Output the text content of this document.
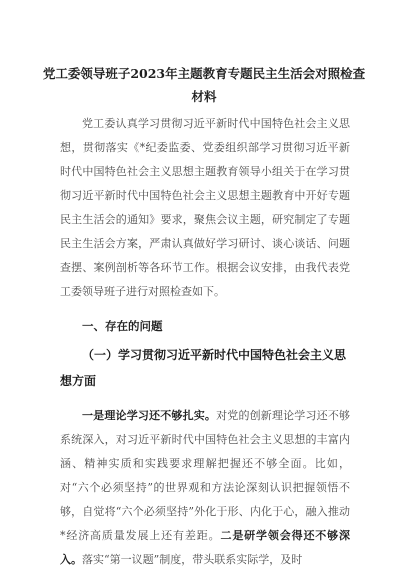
党工委领导班子2023年主题教育专题民主生活会对照检查材料
党工委认真学习贯彻习近平新时代中国特色社会主义思想，贯彻落实《*纪委监委、党委组织部学习贯彻习近平新时代中国特色社会主义思想主题教育领导小组关于在学习贯彻习近平新时代中国特色社会主义思想主题教育中开好专题民主生活会的通知》要求，聚焦会议主题，研究制定了专题民主生活会方案，严肃认真做好学习研讨、谈心谈话、问题查摆、案例剖析等各环节工作。根据会议安排，由我代表党工委领导班子进行对照检查如下。
一、存在的问题
（一）学习贯彻习近平新时代中国特色社会主义思想方面
一是理论学习还不够扎实。对党的创新理论学习还不够系统深入，对习近平新时代中国特色社会主义思想的丰富内涵、精神实质和实践要求理解把握还不够全面。比如，对“六个必须坚持”的世界观和方法论深刻认识把握领悟不够，自觉将“六个必须坚持”外化于形、内化于心，融入推动*经济高质量发展上还有差距。二是研学领会得还不够深入。落实“第一议题”制度，带头联系实际学，及时
